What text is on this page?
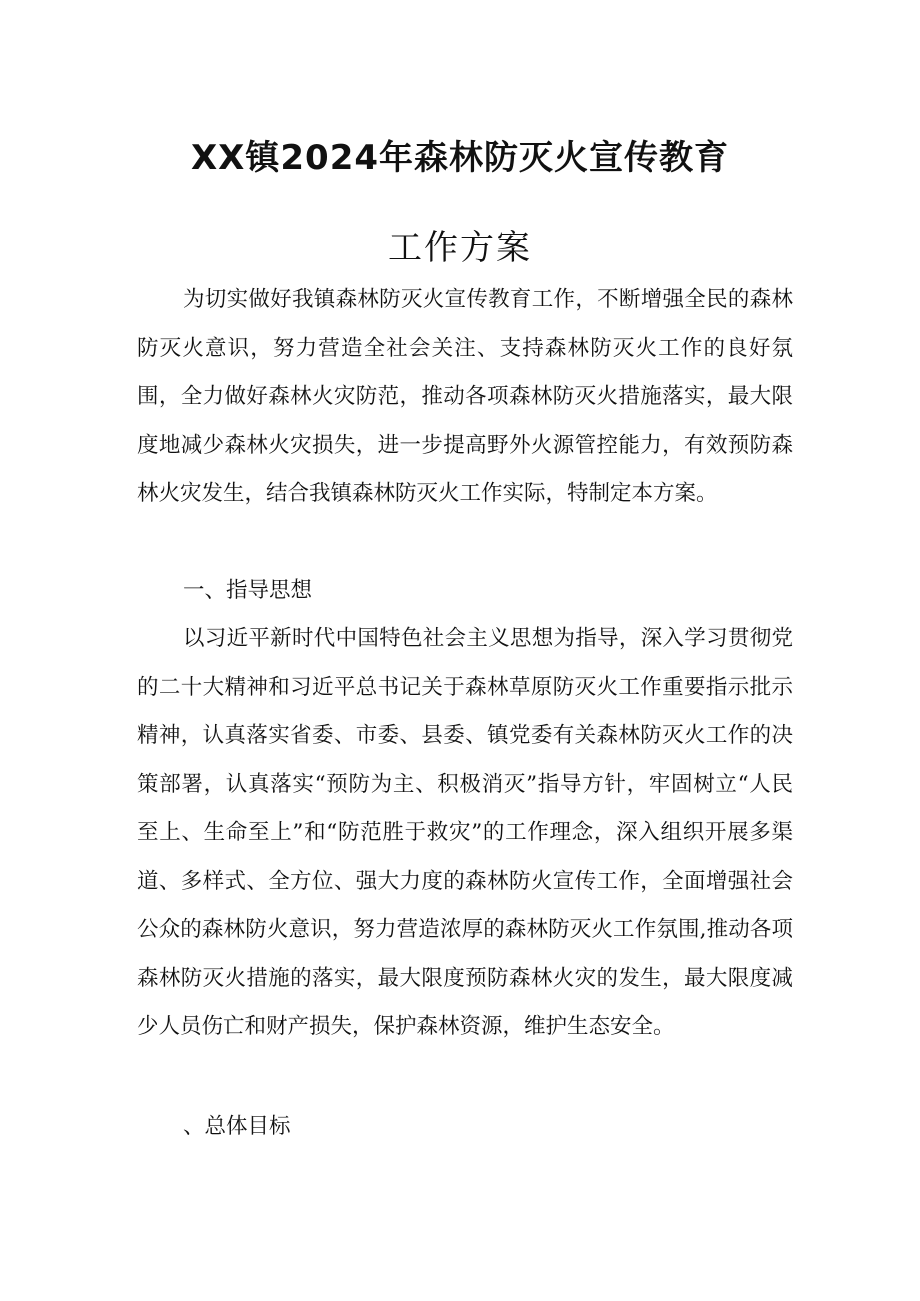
XX镇2024年森林防灭火宣传教育
工作方案
为切实做好我镇森林防灭火宣传教育工作，不断增强全民的森林防灭火意识，努力营造全社会关注、支持森林防灭火工作的良好氛围，全力做好森林火灾防范，推动各项森林防灭火措施落实，最大限度地减少森林火灾损失，进一步提高野外火源管控能力，有效预防森林火灾发生，结合我镇森林防灭火工作实际，特制定本方案。
一、指导思想
以习近平新时代中国特色社会主义思想为指导，深入学习贯彻党的二十大精神和习近平总书记关于森林草原防灭火工作重要指示批示精神，认真落实省委、市委、县委、镇党委有关森林防灭火工作的决策部署，认真落实“预防为主、积极消灭”指导方针，牢固树立“人民至上、生命至上”和“防范胜于救灾”的工作理念，深入组织开展多渠道、多样式、全方位、强大力度的森林防火宣传工作，全面增强社会公众的森林防火意识，努力营造浓厚的森林防灭火工作氛围,推动各项森林防灭火措施的落实，最大限度预防森林火灾的发生，最大限度减少人员伤亡和财产损失，保护森林资源，维护生态安全。
、总体目标
